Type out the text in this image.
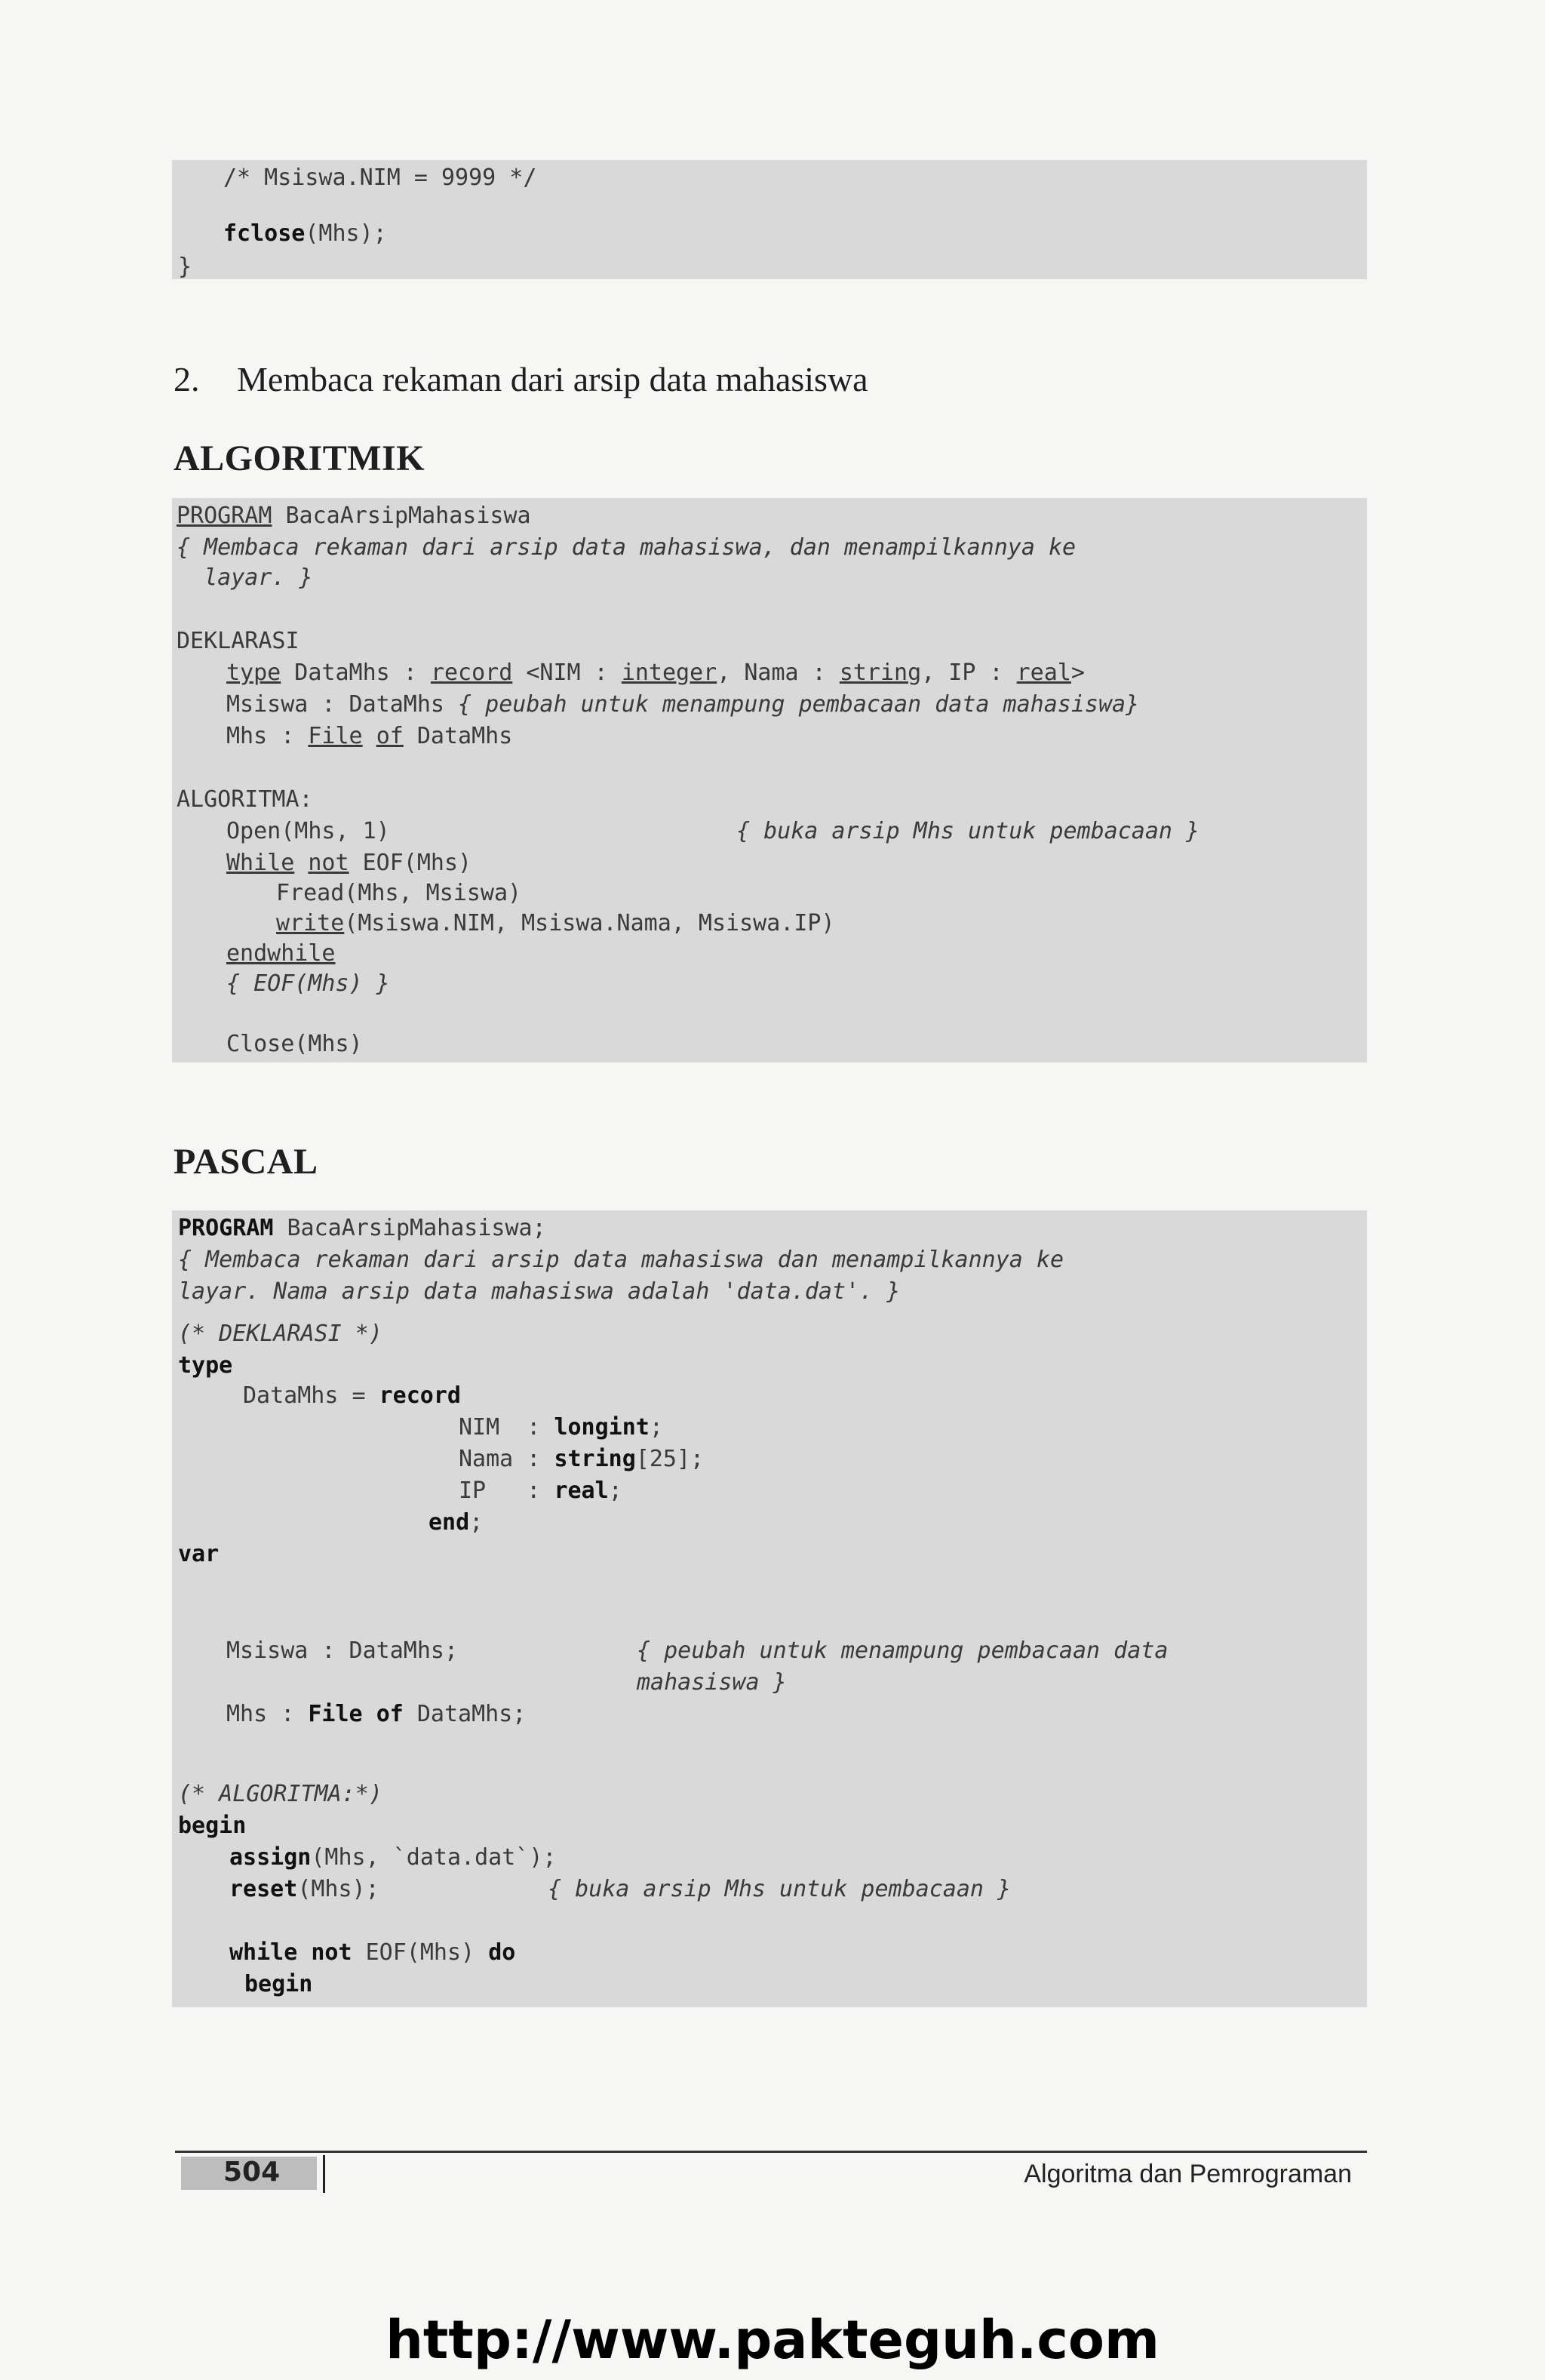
/* Msiswa.NIM = 9999 */

fclose(Mhs);

}

2. Membaca rekaman dari arsip data mahasiswa
ALGORITMIK

PROGRAM BacaArsipMahasiswa

{ Membaca rekaman dari arsip data mahasiswa, dan menampilkannya ke

layar. }

DEKLARASI

type DataMhs : record <NIM : integer, Nama : string, IP : real>

Msiswa : DataMhs { peubah untuk menampung pembacaan data mahasiswa}

Mhs : File of DataMhs

ALGORITMA:

Open(Mhs, 1)

	{ buka arsip Mhs untuk pembacaan }

While not EOF(Mhs)

Fread(Mhs, Msiswa)

write(Msiswa.NIM, Msiswa.Nama, Msiswa.IP)

endwhile

{ EOF(Mhs) }

Close(Mhs)

PASCAL

PROGRAM BacaArsipMahasiswa;

{ Membaca rekaman dari arsip data mahasiswa dan menampilkannya ke

layar. Nama arsip data mahasiswa adalah 'data.dat'. }

(* DEKLARASI *)

type

DataMhs = record

NIM  : longint;

Nama : string[25];

IP   : real;

end;

var

Msiswa : DataMhs;

	{ peubah untuk menampung pembacaan data

mahasiswa }

Mhs : File of DataMhs;

(* ALGORITMA:*)

begin

assign(Mhs, `data.dat`);

reset(Mhs);

	{ buka arsip Mhs untuk pembacaan }

while not EOF(Mhs) do

begin

504	Algoritma dan Pemrograman
http://www.pakteguh.com
